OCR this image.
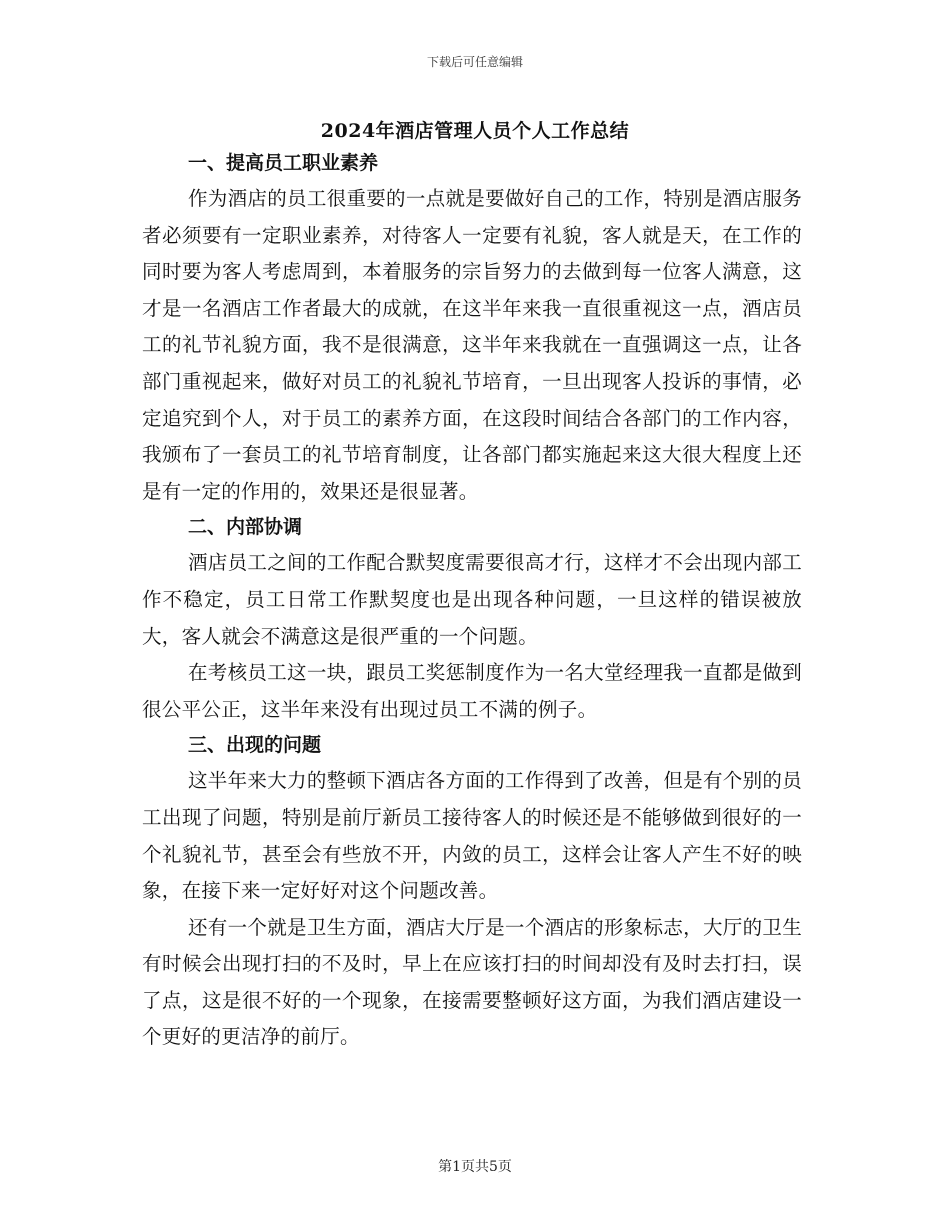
下载后可任意编辑
2024年酒店管理人员个人工作总结

一、提高员工职业素养

作为酒店的员工很重要的一点就是要做好自己的工作，特别是酒店服务者必须要有一定职业素养，对待客人一定要有礼貌，客人就是天，在工作的同时要为客人考虑周到，本着服务的宗旨努力的去做到每一位客人满意，这才是一名酒店工作者最大的成就，在这半年来我一直很重视这一点，酒店员工的礼节礼貌方面，我不是很满意，这半年来我就在一直强调这一点，让各部门重视起来，做好对员工的礼貌礼节培育，一旦出现客人投诉的事情，必定追究到个人，对于员工的素养方面，在这段时间结合各部门的工作内容，我颁布了一套员工的礼节培育制度，让各部门都实施起来这大很大程度上还是有一定的作用的，效果还是很显著。

二、内部协调

酒店员工之间的工作配合默契度需要很高才行，这样才不会出现内部工作不稳定，员工日常工作默契度也是出现各种问题，一旦这样的错误被放大，客人就会不满意这是很严重的一个问题。

在考核员工这一块，跟员工奖惩制度作为一名大堂经理我一直都是做到很公平公正，这半年来没有出现过员工不满的例子。

三、出现的问题

这半年来大力的整顿下酒店各方面的工作得到了改善，但是有个别的员工出现了问题，特别是前厅新员工接待客人的时候还是不能够做到很好的一个礼貌礼节，甚至会有些放不开，内敛的员工，这样会让客人产生不好的映象，在接下来一定好好对这个问题改善。

还有一个就是卫生方面，酒店大厅是一个酒店的形象标志，大厅的卫生有时候会出现打扫的不及时，早上在应该打扫的时间却没有及时去打扫，误了点，这是很不好的一个现象，在接需要整顿好这方面，为我们酒店建设一个更好的更洁净的前厅。

第1页共5页
